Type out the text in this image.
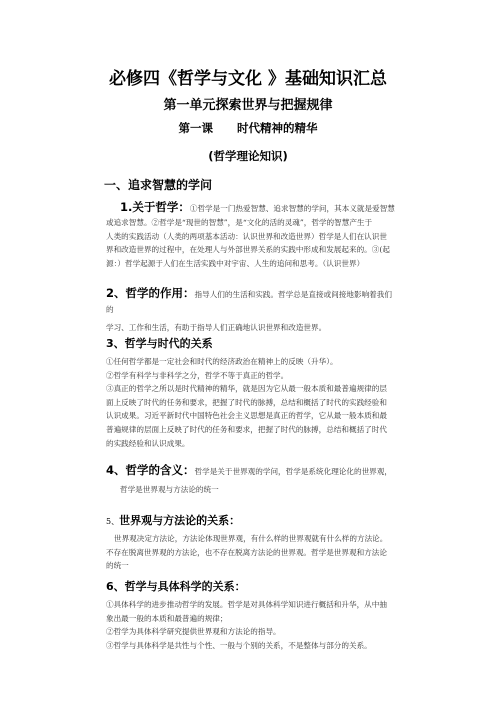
必修四《哲学与文化 》基础知识汇总
第一单元探索世界与把握规律
第一课 时代精神的精华
(哲学理论知识)
一、追求智慧的学问

1.关于哲学：①哲学是一门热爱智慧、追求智慧的学问，其本义就是爱智慧

或追求智慧。②哲学是“现世的智慧”，是“文化的活的灵魂”，哲学的智慧产生于

人类的实践活动（人类的两项基本活动：认识世界和改造世界）哲学是人们在认识世

界和改造世界的过程中，在处理人与外部世界关系的实践中形成和发展起来的。③(起

源：）哲学起源于人们在生活实践中对宇宙、人生的追问和思考。（认识世界）

2、哲学的作用：指导人们的生活和实践。哲学总是直接或间接地影响着我们的

学习、工作和生活，有助于指导人们正确地认识世界和改造世界。

3、哲学与时代的关系

①任何哲学都是一定社会和时代的经济政治在精神上的反映（升华）。

②哲学有科学与非科学之分，哲学不等于真正的哲学。

③真正的哲学之所以是时代精神的精华，就是因为它从最一般本质和最普遍规律的层

面上反映了时代的任务和要求，把握了时代的脉搏，总结和概括了时代的实践经验和

认识成果。习近平新时代中国特色社会主义思想是真正的哲学，它从最一般本质和最

普遍规律的层面上反映了时代的任务和要求，把握了时代的脉搏，总结和概括了时代

的实践经验和认识成果。

4、哲学的含义：哲学是关于世界观的学问，哲学是系统化理论化的世界观，

哲学是世界观与方法论的统一

5、世界观与方法论的关系：

世界观决定方法论，方法论体现世界观，有什么样的世界观就有什么样的方法论。

不存在脱离世界观的方法论，也不存在脱离方法论的世界观。哲学是世界观和方法论

的统一

6、哲学与具体科学的关系：

①具体科学的进步推动哲学的发展。哲学是对具体科学知识进行概括和升华，从中抽

象出最一般的本质和最普遍的规律；

②哲学为具体科学研究提供世界观和方法论的指导。

③哲学与具体科学是共性与个性、一般与个别的关系，不是整体与部分的关系。
